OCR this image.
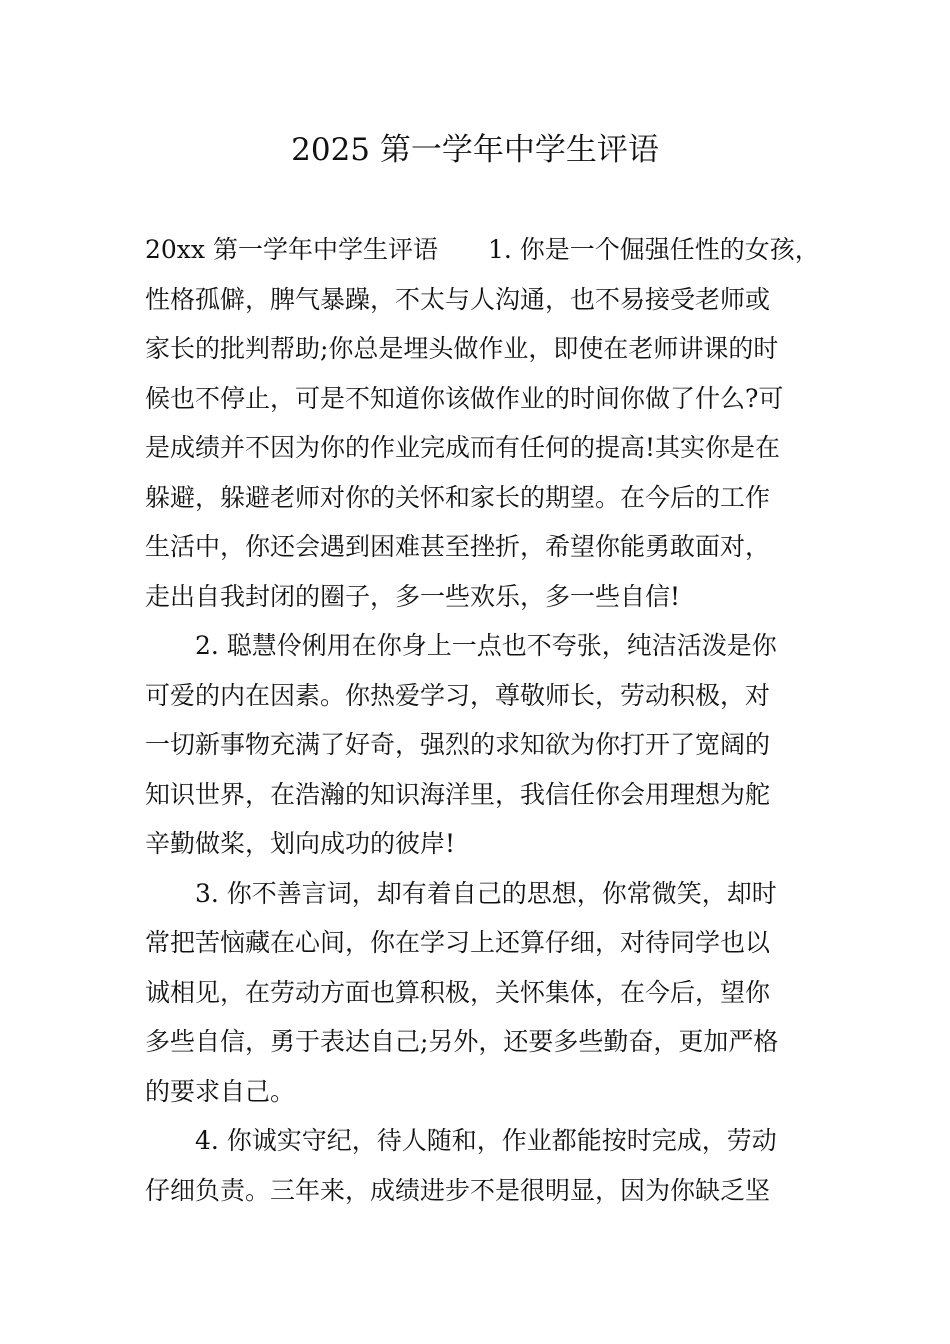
2025 第一学年中学生评语

20xx 第一学年中学生评语　　1. 你是一个倔强任性的女孩，
性格孤僻，脾气暴躁，不太与人沟通，也不易接受老师或
家长的批判帮助;你总是埋头做作业，即使在老师讲课的时
候也不停止，可是不知道你该做作业的时间你做了什么?可
是成绩并不因为你的作业完成而有任何的提高!其实你是在
躲避，躲避老师对你的关怀和家长的期望。在今后的工作
生活中，你还会遇到困难甚至挫折，希望你能勇敢面对，
走出自我封闭的圈子，多一些欢乐，多一些自信!

2. 聪慧伶俐用在你身上一点也不夸张，纯洁活泼是你
可爱的内在因素。你热爱学习，尊敬师长，劳动积极，对
一切新事物充满了好奇，强烈的求知欲为你打开了宽阔的
知识世界，在浩瀚的知识海洋里，我信任你会用理想为舵
辛勤做桨，划向成功的彼岸!

3. 你不善言词，却有着自己的思想，你常微笑，却时
常把苦恼藏在心间，你在学习上还算仔细，对待同学也以
诚相见，在劳动方面也算积极，关怀集体，在今后，望你
多些自信，勇于表达自己;另外，还要多些勤奋，更加严格
的要求自己。

4. 你诚实守纪，待人随和，作业都能按时完成，劳动
仔细负责。三年来，成绩进步不是很明显，因为你缺乏坚
